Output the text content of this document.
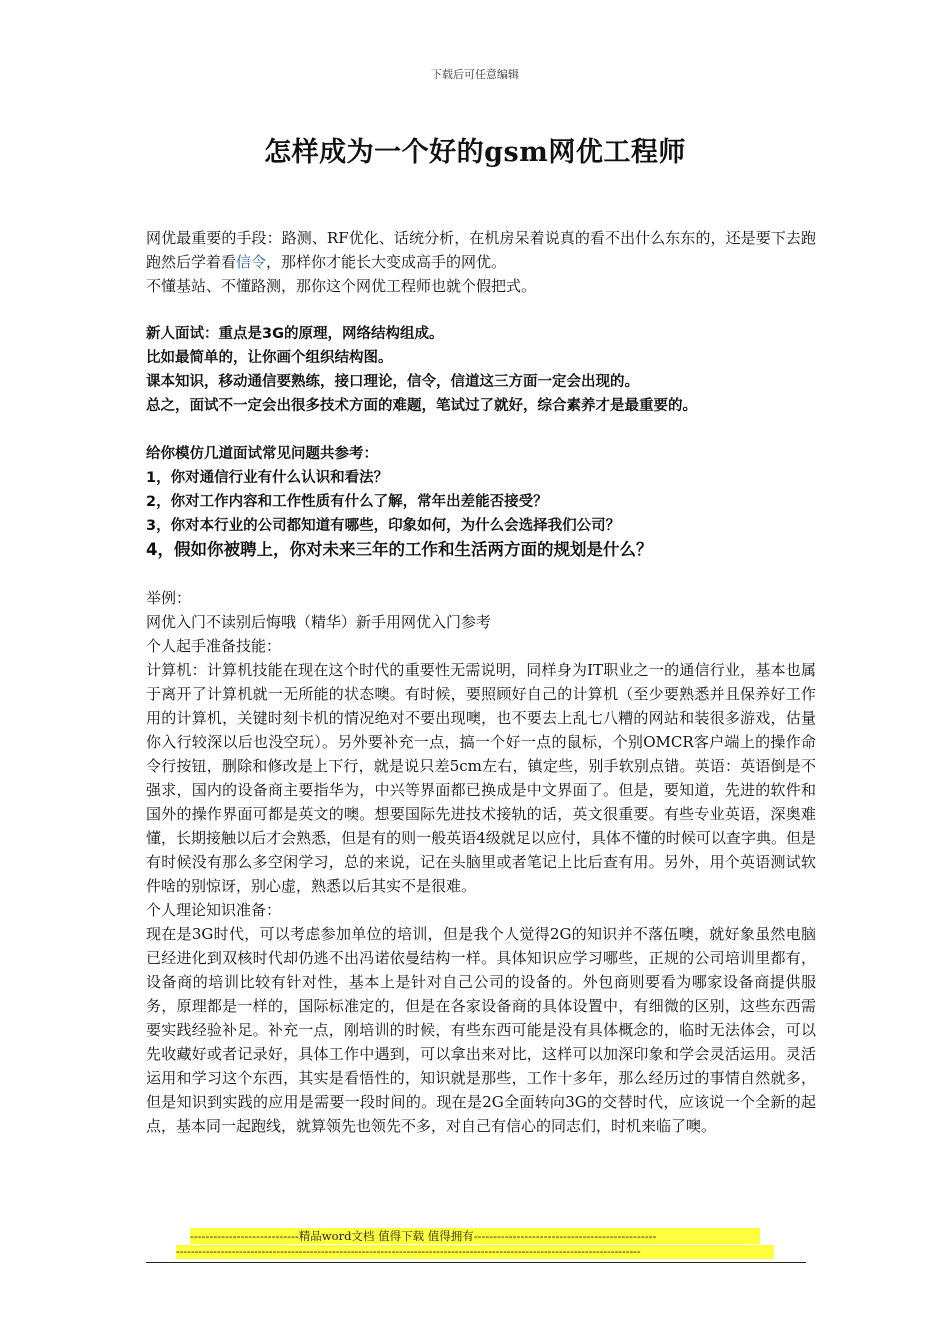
下载后可任意编辑
怎样成为一个好的gsm网优工程师

网优最重要的手段：路测、RF优化、话统分析，在机房呆着说真的看不出什么东东的，还是要下去跑跑然后学着看信令，那样你才能长大变成高手的网优。

不懂基站、不懂路测，那你这个网优工程师也就个假把式。

新人面试：重点是3G的原理，网络结构组成。

比如最简单的，让你画个组织结构图。

课本知识，移动通信要熟练，接口理论，信令，信道这三方面一定会出现的。

总之，面试不一定会出很多技术方面的难题，笔试过了就好，综合素养才是最重要的。

给你模仿几道面试常见问题共参考：

1，你对通信行业有什么认识和看法？

2，你对工作内容和工作性质有什么了解，常年出差能否接受？

3，你对本行业的公司都知道有哪些，印象如何，为什么会选择我们公司？

4，假如你被聘上，你对未来三年的工作和生活两方面的规划是什么？

举例：

网优入门不读别后悔哦（精华）新手用网优入门参考

个人起手准备技能：

计算机：计算机技能在现在这个时代的重要性无需说明，同样身为IT职业之一的通信行业，基本也属于离开了计算机就一无所能的状态噢。有时候，要照顾好自己的计算机（至少要熟悉并且保养好工作用的计算机，关键时刻卡机的情况绝对不要出现噢，也不要去上乱七八糟的网站和装很多游戏，估量你入行较深以后也没空玩）。另外要补充一点，搞一个好一点的鼠标，个别OMCR客户端上的操作命令行按钮，删除和修改是上下行，就是说只差5cm左右，镇定些，别手软别点错。英语：英语倒是不强求，国内的设备商主要指华为，中兴等界面都已换成是中文界面了。但是，要知道，先进的软件和国外的操作界面可都是英文的噢。想要国际先进技术接轨的话，英文很重要。有些专业英语，深奥难懂，长期接触以后才会熟悉，但是有的则一般英语4级就足以应付，具体不懂的时候可以查字典。但是有时候没有那么多空闲学习，总的来说，记在头脑里或者笔记上比后查有用。另外，用个英语测试软件啥的别惊讶，别心虚，熟悉以后其实不是很难。

个人理论知识准备：

现在是3G时代，可以考虑参加单位的培训，但是我个人觉得2G的知识并不落伍噢，就好象虽然电脑已经进化到双核时代却仍逃不出冯诺依曼结构一样。具体知识应学习哪些，正规的公司培训里都有，设备商的培训比较有针对性，基本上是针对自己公司的设备的。外包商则要看为哪家设备商提供服务，原理都是一样的，国际标准定的，但是在各家设备商的具体设置中，有细微的区别，这些东西需要实践经验补足。补充一点，刚培训的时候，有些东西可能是没有具体概念的，临时无法体会，可以先收藏好或者记录好，具体工作中遇到，可以拿出来对比，这样可以加深印象和学会灵活运用。灵活运用和学习这个东西，其实是看悟性的，知识就是那些，工作十多年，那么经历过的事情自然就多，但是知识到实践的应用是需要一段时间的。现在是2G全面转向3G的交替时代，应该说一个全新的起点，基本同一起跑线，就算领先也领先不多，对自己有信心的同志们，时机来临了噢。

----------------------------精品word文档 值得下载 值得拥有-----------------------------------------------
-----------------------------------------------------------------------------------------------------------------------------
